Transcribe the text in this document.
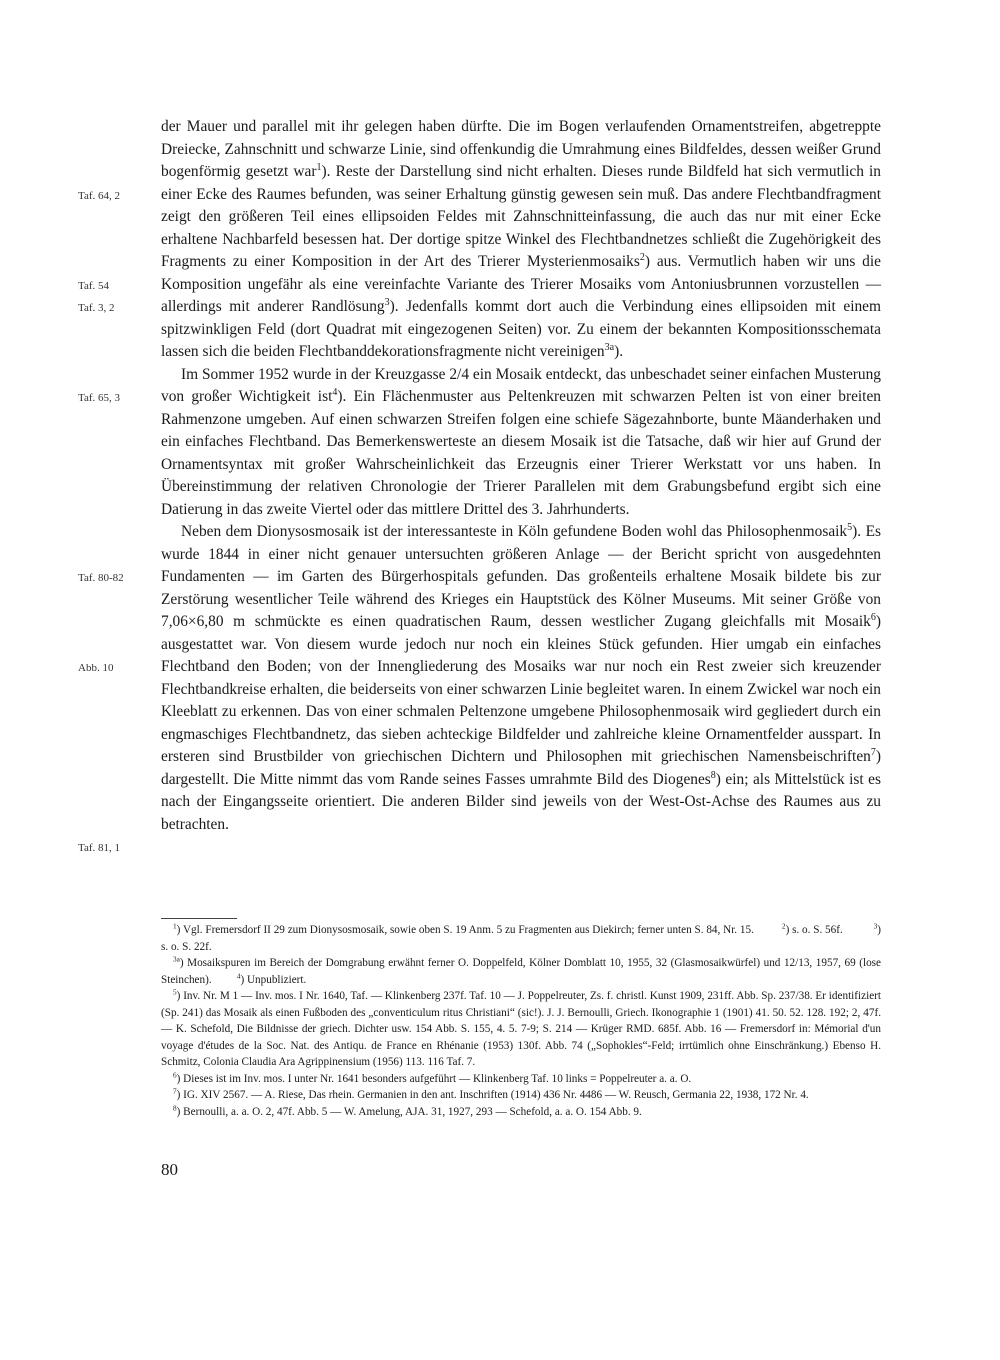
Taf. 64, 2
Taf. 54
Taf. 3, 2
Taf. 65, 3
Taf. 80-82
Abb. 10
Taf. 81, 1

der Mauer und parallel mit ihr gelegen haben dürfte. Die im Bogen verlaufenden Ornamentstreifen, abgetreppte Dreiecke, Zahnschnitt und schwarze Linie, sind offenkundig die Umrahmung eines Bildfeldes, dessen weißer Grund bogenförmig gesetzt war$^1$). Reste der Darstellung sind nicht erhalten. Dieses runde Bildfeld hat sich vermutlich in einer Ecke des Raumes befunden, was seiner Erhaltung günstig gewesen sein muß. Das andere Flechtbandfragment zeigt den größeren Teil eines ellipsoiden Feldes mit Zahnschnitteinfassung, die auch das nur mit einer Ecke erhaltene Nachbarfeld besessen hat. Der dortige spitze Winkel des Flechtbandnetzes schließt die Zugehörigkeit des Fragments zu einer Komposition in der Art des Trierer Mysterienmosaiks$^2$) aus. Vermutlich haben wir uns die Komposition ungefähr als eine vereinfachte Variante des Trierer Mosaiks vom Antoniusbrunnen vorzustellen — allerdings mit anderer Randlösung$^3$). Jedenfalls kommt dort auch die Verbindung eines ellipsoiden mit einem spitzwinkligen Feld (dort Quadrat mit eingezogenen Seiten) vor. Zu einem der bekannten Kompositionsschemata lassen sich die beiden Flechtbanddekorationsfragmente nicht vereinigen$^{3a}$).

Im Sommer 1952 wurde in der Kreuzgasse 2/4 ein Mosaik entdeckt, das unbeschadet seiner einfachen Musterung von großer Wichtigkeit ist$^4$). Ein Flächenmuster aus Peltenkreuzen mit schwarzen Pelten ist von einer breiten Rahmenzone umgeben. Auf einen schwarzen Streifen folgen eine schiefe Sägezahnborte, bunte Mäanderhaken und ein einfaches Flechtband. Das Bemerkenswerteste an diesem Mosaik ist die Tatsache, daß wir hier auf Grund der Ornamentsyntax mit großer Wahrscheinlichkeit das Erzeugnis einer Trierer Werkstatt vor uns haben. In Übereinstimmung der relativen Chronologie der Trierer Parallelen mit dem Grabungsbefund ergibt sich eine Datierung in das zweite Viertel oder das mittlere Drittel des 3. Jahrhunderts.

Neben dem Dionysosmosaik ist der interessanteste in Köln gefundene Boden wohl das Philosophenmosaik$^5$). Es wurde 1844 in einer nicht genauer untersuchten größeren Anlage — der Bericht spricht von ausgedehnten Fundamenten — im Garten des Bürgerhospitals gefunden. Das großenteils erhaltene Mosaik bildete bis zur Zerstörung wesentlicher Teile während des Krieges ein Hauptstück des Kölner Museums. Mit seiner Größe von 7,06×6,80 m schmückte es einen quadratischen Raum, dessen westlicher Zugang gleichfalls mit Mosaik$^6$) ausgestattet war. Von diesem wurde jedoch nur noch ein kleines Stück gefunden. Hier umgab ein einfaches Flechtband den Boden; von der Innengliederung des Mosaiks war nur noch ein Rest zweier sich kreuzender Flechtbandkreise erhalten, die beiderseits von einer schwarzen Linie begleitet waren. In einem Zwickel war noch ein Kleeblatt zu erkennen. Das von einer schmalen Peltenzone umgebene Philosophenmosaik wird gegliedert durch ein engmaschiges Flechtbandnetz, das sieben achteckige Bildfelder und zahlreiche kleine Ornamentfelder ausspart. In ersteren sind Brustbilder von griechischen Dichtern und Philosophen mit griechischen Namensbeischriften$^7$) dargestellt. Die Mitte nimmt das vom Rande seines Fasses umrahmte Bild des Diogenes$^8$) ein; als Mittelstück ist es nach der Eingangsseite orientiert. Die anderen Bilder sind jeweils von der West-Ost-Achse des Raumes aus zu betrachten.

$^1$) Vgl. Fremersdorf II 29 zum Dionysosmosaik, sowie oben S. 19 Anm. 5 zu Fragmenten aus Diekirch; ferner unten S. 84, Nr. 15.          $^2$) s. o. S. 56f.           $^3$) s. o. S. 22f.

$^{3a}$) Mosaikspuren im Bereich der Domgrabung erwähnt ferner O. Doppelfeld, Kölner Domblatt 10, 1955, 32 (Glasmosaikwürfel) und 12/13, 1957, 69 (lose Steinchen).         $^4$) Unpubliziert.

$^5$) Inv. Nr. M 1 — Inv. mos. I Nr. 1640, Taf. — Klinkenberg 237f. Taf. 10 — J. Poppelreuter, Zs. f. christl. Kunst 1909, 231ff. Abb. Sp. 237/38. Er identifiziert (Sp. 241) das Mosaik als einen Fußboden des „conventiculum ritus Christiani“ (sic!). J. J. Bernoulli, Griech. Ikonographie 1 (1901) 41. 50. 52. 128. 192; 2, 47f. — K. Schefold, Die Bildnisse der griech. Dichter usw. 154 Abb. S. 155, 4. 5. 7-9; S. 214 — Krüger RMD. 685f. Abb. 16 — Fremersdorf in: Mémorial d'un voyage d'études de la Soc. Nat. des Antiqu. de France en Rhénanie (1953) 130f. Abb. 74 („Sophokles“-Feld; irrtümlich ohne Einschränkung.) Ebenso H. Schmitz, Colonia Claudia Ara Agrippinensium (1956) 113. 116 Taf. 7.

$^6$) Dieses ist im Inv. mos. I unter Nr. 1641 besonders aufgeführt — Klinkenberg Taf. 10 links = Poppelreuter a. a. O.

$^7$) IG. XIV 2567. — A. Riese, Das rhein. Germanien in den ant. Inschriften (1914) 436 Nr. 4486 — W. Reusch, Germania 22, 1938, 172 Nr. 4.

$^8$) Bernoulli, a. a. O. 2, 47f. Abb. 5 — W. Amelung, AJA. 31, 1927, 293 — Schefold, a. a. O. 154 Abb. 9.

80
